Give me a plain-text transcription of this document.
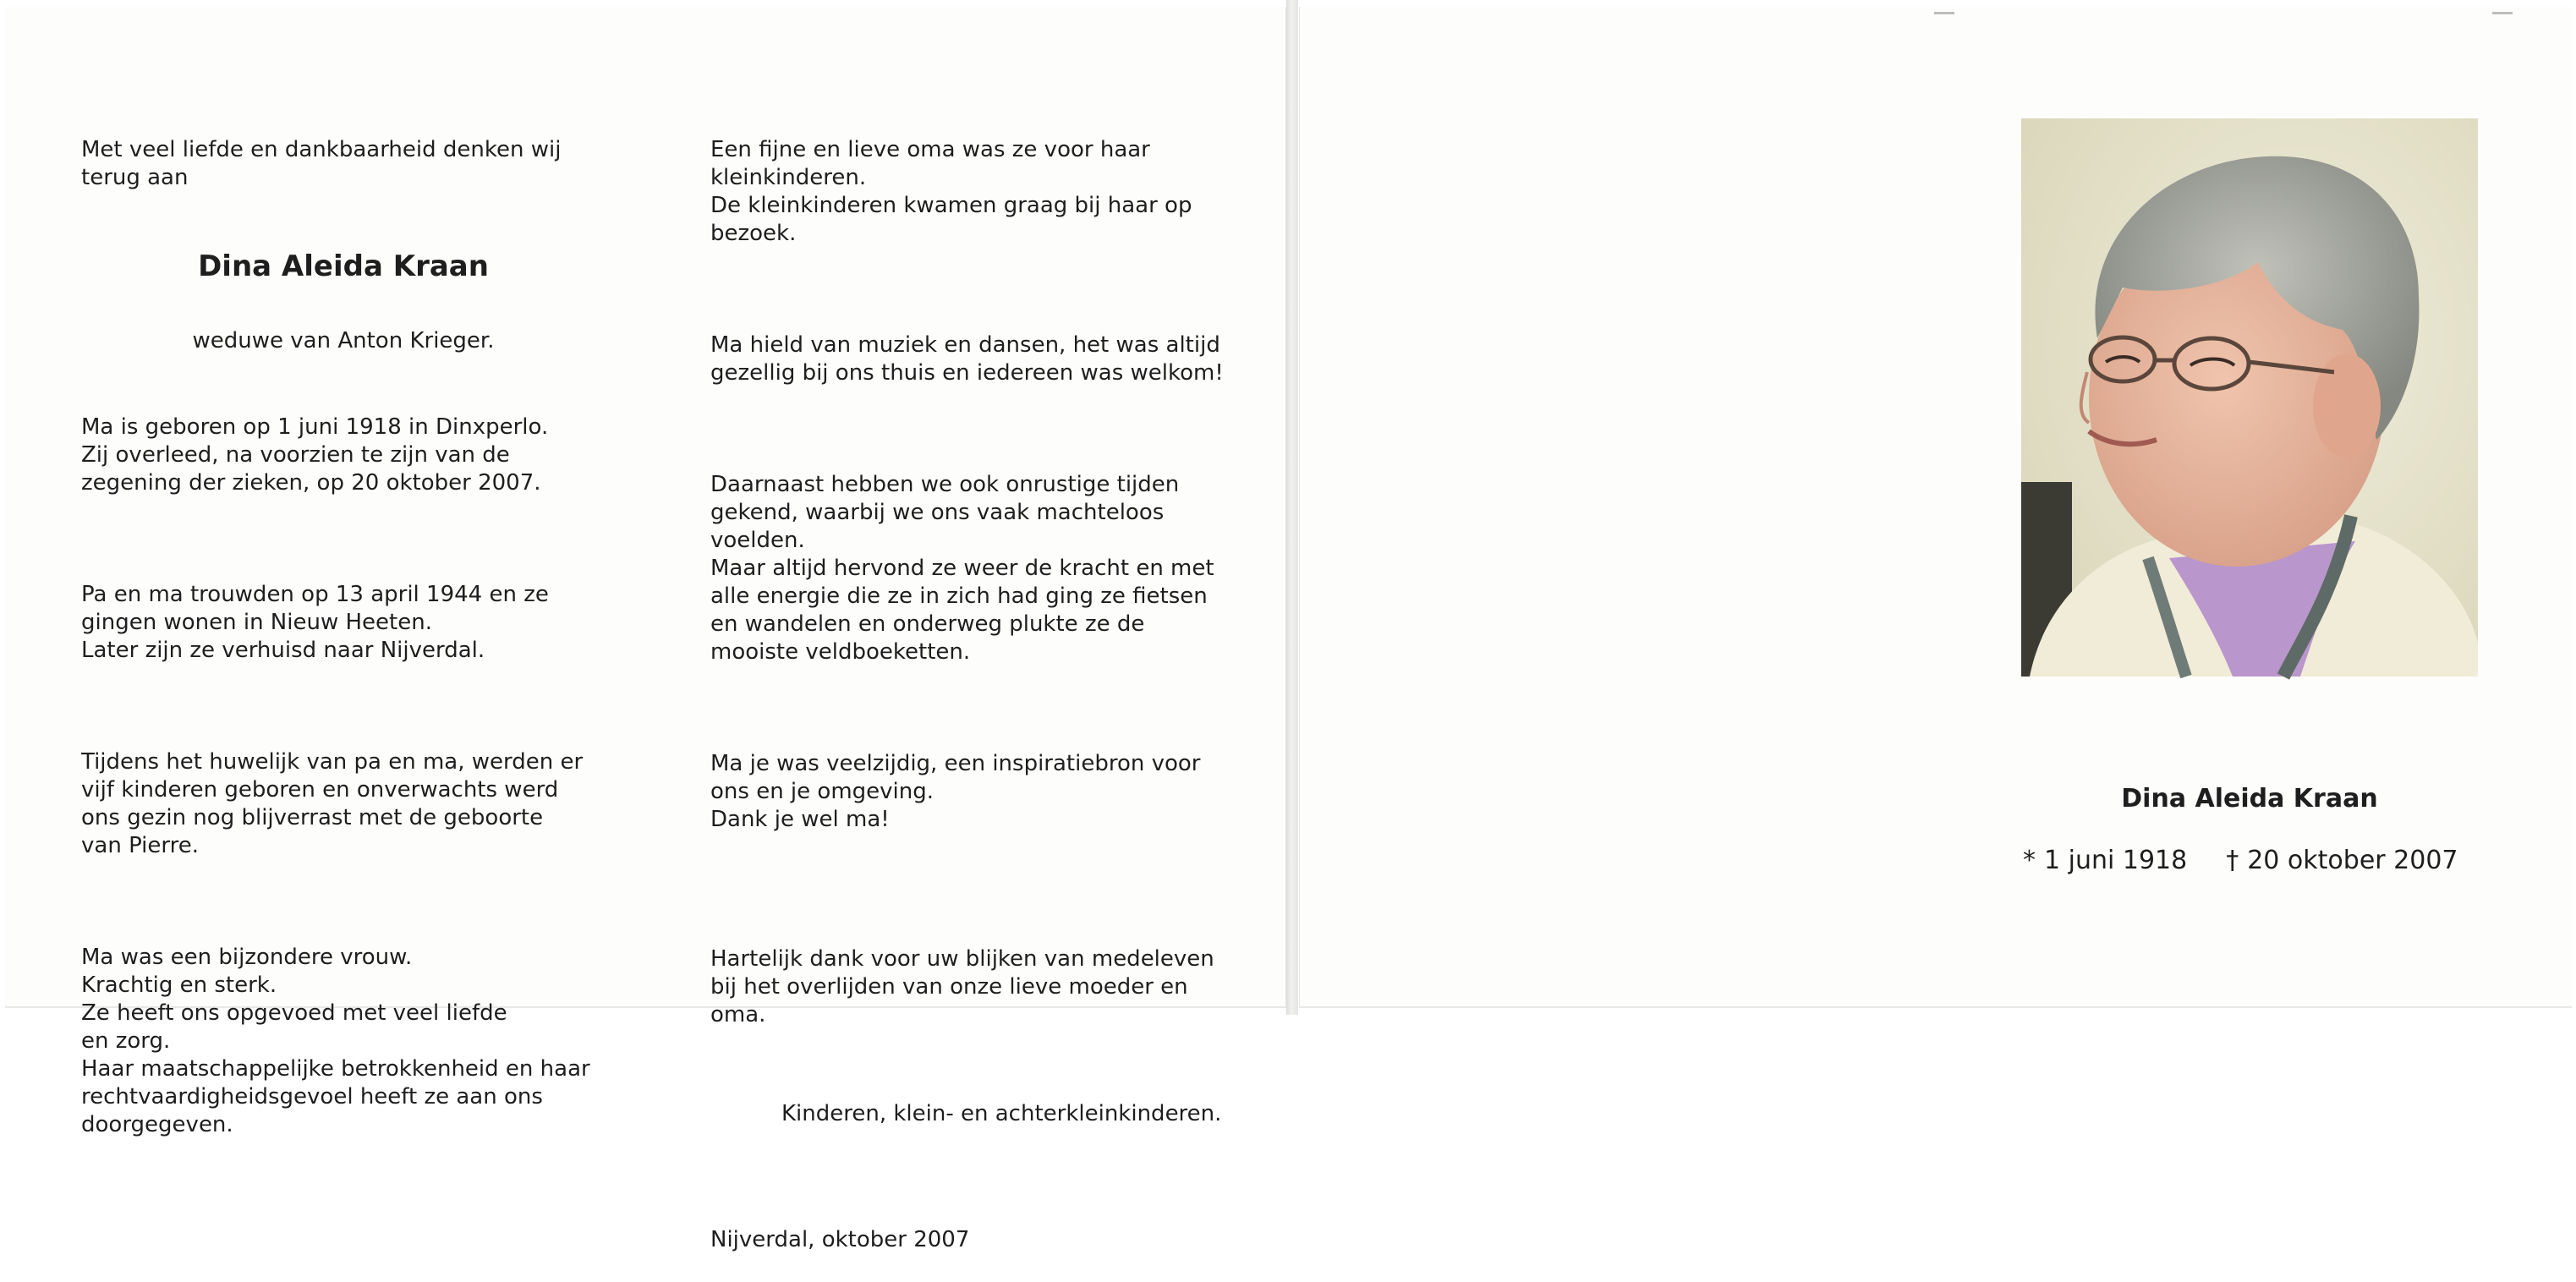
Met veel liefde en dankbaarheid denken wij
terug aan

Dina Aleida Kraan

weduwe van Anton Krieger.

Ma is geboren op 1 juni 1918 in Dinxperlo.
Zij overleed, na voorzien te zijn van de
zegening der zieken, op 20 oktober 2007.

Pa en ma trouwden op 13 april 1944 en ze
gingen wonen in Nieuw Heeten.
Later zijn ze verhuisd naar Nijverdal.

Tijdens het huwelijk van pa en ma, werden er
vijf kinderen geboren en onverwachts werd
ons gezin nog blijverrast met de geboorte
van Pierre.

Ma was een bijzondere vrouw.
Krachtig en sterk.
Ze heeft ons opgevoed met veel liefde
en zorg.
Haar maatschappelijke betrokkenheid en haar
rechtvaardigheidsgevoel heeft ze aan ons
doorgegeven.

Een fijne en lieve oma was ze voor haar
kleinkinderen.
De kleinkinderen kwamen graag bij haar op
bezoek.

Ma hield van muziek en dansen, het was altijd
gezellig bij ons thuis en iedereen was welkom!

Daarnaast hebben we ook onrustige tijden
gekend, waarbij we ons vaak machteloos
voelden.
Maar altijd hervond ze weer de kracht en met
alle energie die ze in zich had ging ze fietsen
en wandelen en onderweg plukte ze de
mooiste veldboeketten.

Ma je was veelzijdig, een inspiratiebron voor
ons en je omgeving.
Dank je wel ma!

Hartelijk dank voor uw blijken van medeleven
bij het overlijden van onze lieve moeder en
oma.

Kinderen, klein- en achterkleinkinderen.

Nijverdal, oktober 2007

Dina Aleida Kraan
* 1 juni 1918 † 20 oktober 2007
